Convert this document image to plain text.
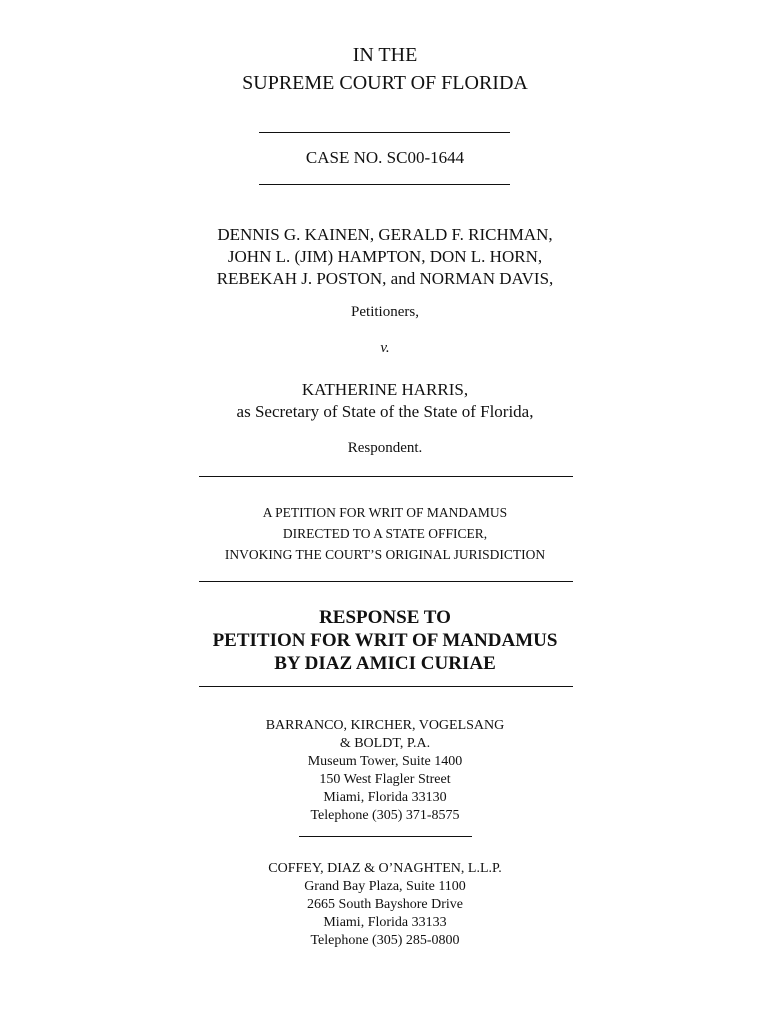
IN THE
SUPREME COURT OF FLORIDA
CASE NO. SC00-1644
DENNIS G. KAINEN, GERALD F. RICHMAN,
JOHN L. (JIM) HAMPTON, DON L. HORN,
REBEKAH J. POSTON, and NORMAN DAVIS,
Petitioners,
v.
KATHERINE HARRIS,
as Secretary of State of the State of Florida,
Respondent.
A PETITION FOR WRIT OF MANDAMUS
DIRECTED TO A STATE OFFICER,
INVOKING THE COURT’S ORIGINAL JURISDICTION
RESPONSE TO
PETITION FOR WRIT OF MANDAMUS
BY DIAZ AMICI CURIAE
BARRANCO, KIRCHER, VOGELSANG
& BOLDT, P.A.
Museum Tower, Suite 1400
150 West Flagler Street
Miami, Florida 33130
Telephone (305) 371-8575
COFFEY, DIAZ & O’NAGHTEN, L.L.P.
Grand Bay Plaza, Suite 1100
2665 South Bayshore Drive
Miami, Florida 33133
Telephone (305) 285-0800
